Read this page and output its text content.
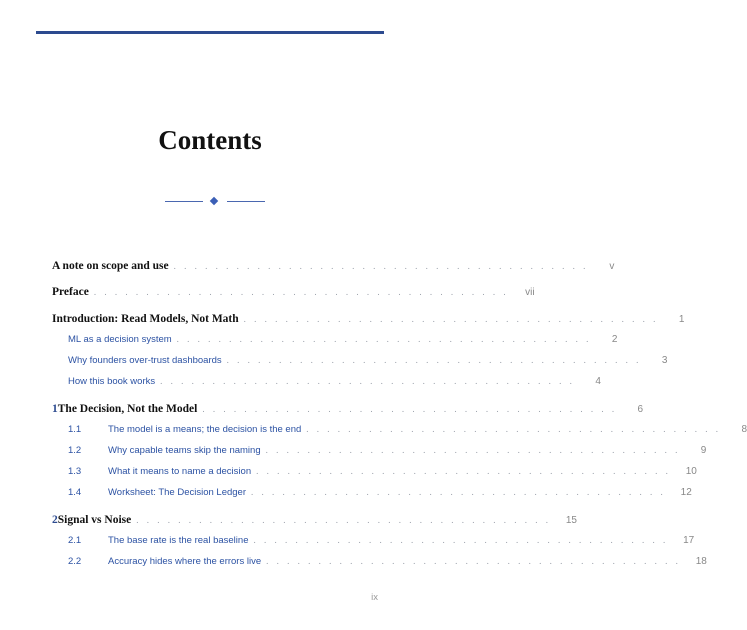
Contents
A note on scope and use . . . . . . . . . . . . . . . . . . . . . . . . . . . . . . . . . . . . . . . .	v
Preface . . . . . . . . . . . . . . . . . . . . . . . . . . . . . . . . . . . . . . . .	vii
Introduction: Read Models, Not Math . . . . . . . . . . . . . . . . . . . . . . . . . . . . . . . . . . . . . . . .	1
ML as a decision system . . . . . . . . . . . . . . . . . . . . . . . . . . . . . . . . . . . . . . . .	2
Why founders over-trust dashboards . . . . . . . . . . . . . . . . . . . . . . . . . . . . . . . . . . . . . . . .	3
How this book works . . . . . . . . . . . . . . . . . . . . . . . . . . . . . . . . . . . . . . . .	4
1 The Decision, Not the Model . . . . . . . . . . . . . . . . . . . . . . . . . . . . . . . . . . . . . . . .	6
1.1	The model is a means; the decision is the end . . . . . . . . . . . . . . . . . . . . . . . . . . . . . . . . . . . . . . . .	8
1.2	Why capable teams skip the naming . . . . . . . . . . . . . . . . . . . . . . . . . . . . . . . . . . . . . . . .	9
1.3	What it means to name a decision . . . . . . . . . . . . . . . . . . . . . . . . . . . . . . . . . . . . . . . .	10
1.4	Worksheet: The Decision Ledger . . . . . . . . . . . . . . . . . . . . . . . . . . . . . . . . . . . . . . . .	12
2 Signal vs Noise . . . . . . . . . . . . . . . . . . . . . . . . . . . . . . . . . . . . . . . .	15
2.1	The base rate is the real baseline . . . . . . . . . . . . . . . . . . . . . . . . . . . . . . . . . . . . . . . .	17
2.2	Accuracy hides where the errors live . . . . . . . . . . . . . . . . . . . . . . . . . . . . . . . . . . . . . . . .	18
ix
